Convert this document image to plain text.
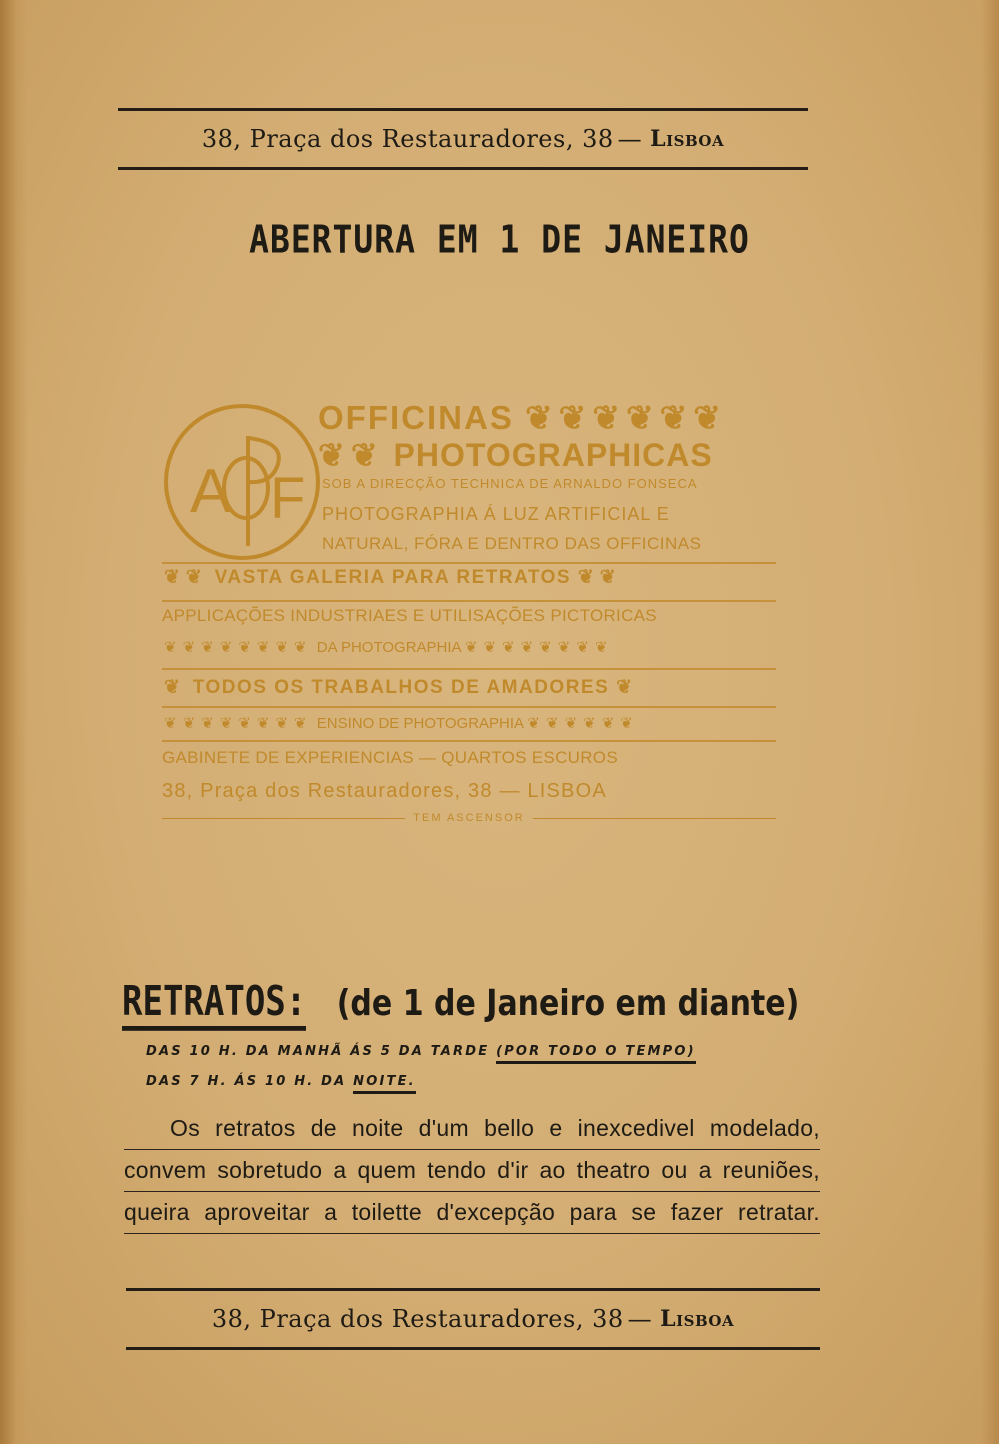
38, Praça dos Restauradores, 38 — Lisboa
ABERTURA EM 1 DE JANEIRO
A F
OFFICINAS ❦❦❦❦❦❦
❦❦ PHOTOGRAPHICAS
SOB A DIRECÇÃO TECHNICA DE ARNALDO FONSECA
PHOTOGRAPHIA Á LUZ ARTIFICIAL E
NATURAL, FÓRA E DENTRO DAS OFFICINAS
❦❦ VASTA GALERIA PARA RETRATOS ❦❦
APPLICAÇÕES INDUSTRIAES E UTILISAÇÕES PICTORICAS
❦❦❦❦❦❦❦❦ DA PHOTOGRAPHIA ❦❦❦❦❦❦❦❦
❦ TODOS OS TRABALHOS DE AMADORES ❦
❦❦❦❦❦❦❦❦ ENSINO DE PHOTOGRAPHIA ❦❦❦❦❦❦
GABINETE DE EXPERIENCIAS — QUARTOS ESCUROS
38, Praça dos Restauradores, 38 — LISBOA
TEM ASCENSOR
RETRATOS: (de 1 de Janeiro em diante)
DAS 10 H. DA MANHÃ ÁS 5 DA TARDE (POR TODO O TEMPO)
DAS 7 H. ÁS 10 H. DA NOITE.
Os retratos de noite d'um bello e inexcedivel modelado,
convem sobretudo a quem tendo d'ir ao theatro ou a reuniões,
queira aproveitar a toilette d'excepção para se fazer retratar.
38, Praça dos Restauradores, 38 — Lisboa
